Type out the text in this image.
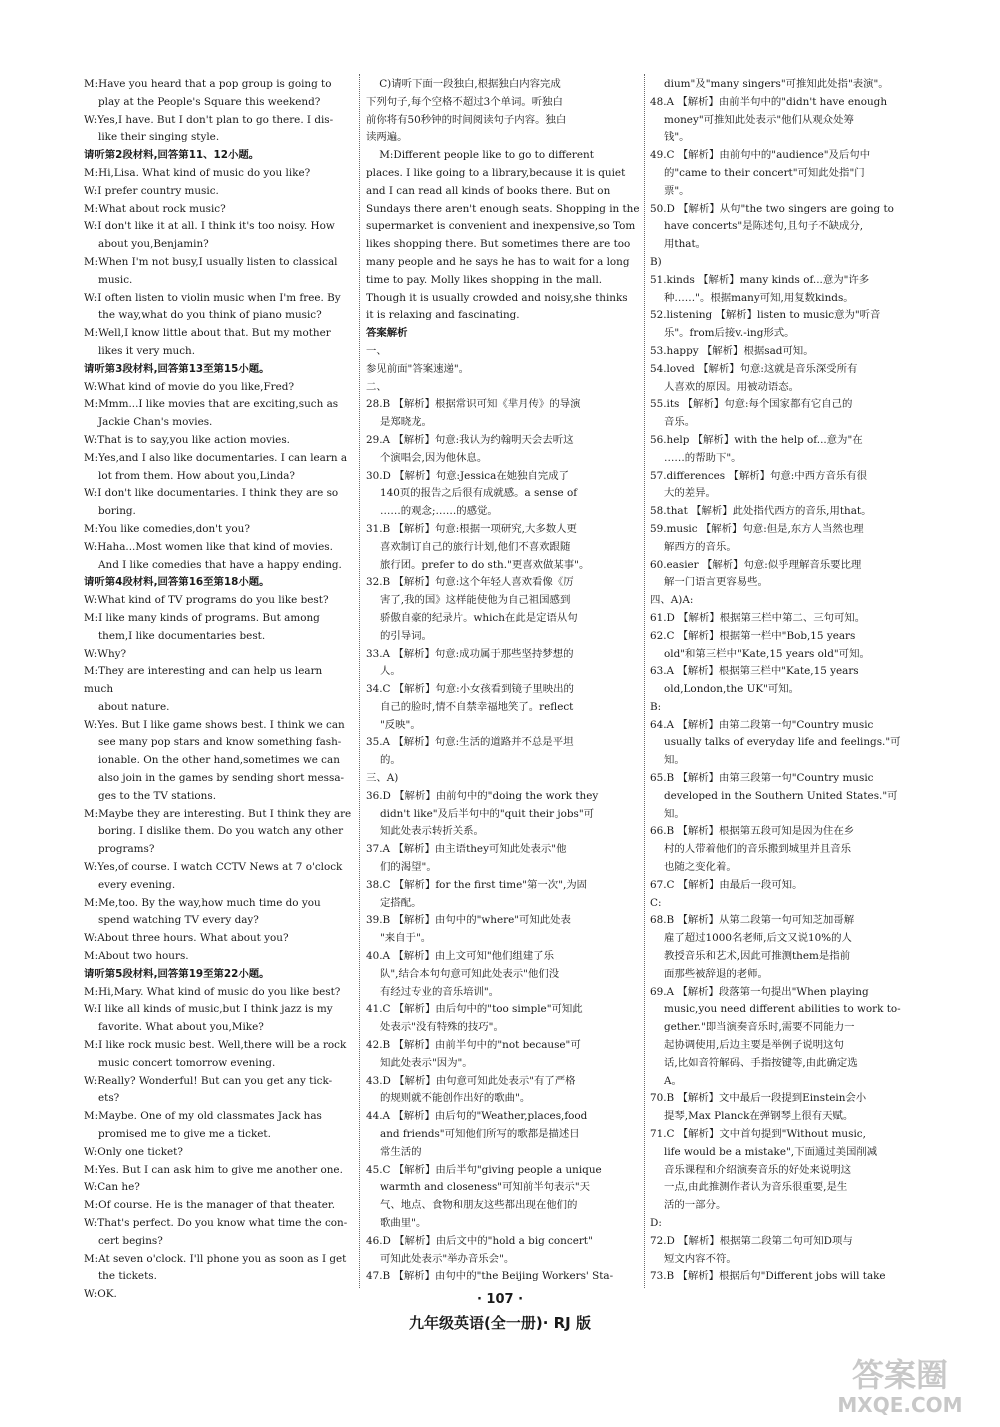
M:Have you heard that a pop group is going to
play at the People's Square this weekend?
W:Yes,I have. But I don't plan to go there. I dis-
like their singing style.
请听第2段材料,回答第11、12小题。
M:Hi,Lisa. What kind of music do you like?
W:I prefer country music.
M:What about rock music?
W:I don't like it at all. I think it's too noisy. How
about you,Benjamin?
M:When I'm not busy,I usually listen to classical
music.
W:I often listen to violin music when I'm free. By
the way,what do you think of piano music?
M:Well,I know little about that. But my mother
likes it very much.
请听第3段材料,回答第13至第15小题。
W:What kind of movie do you like,Fred?
M:Mmm...I like movies that are exciting,such as
Jackie Chan's movies.
W:That is to say,you like action movies.
M:Yes,and I also like documentaries. I can learn a
lot from them. How about you,Linda?
W:I don't like documentaries. I think they are so
boring.
M:You like comedies,don't you?
W:Haha...Most women like that kind of movies.
And I like comedies that have a happy ending.
请听第4段材料,回答第16至第18小题。
W:What kind of TV programs do you like best?
M:I like many kinds of programs. But among
them,I like documentaries best.
W:Why?
M:They are interesting and can help us learn much
about nature.
W:Yes. But I like game shows best. I think we can
see many pop stars and know something fash-
ionable. On the other hand,sometimes we can
also join in the games by sending short messa-
ges to the TV stations.
M:Maybe they are interesting. But I think they are
boring. I dislike them. Do you watch any other
programs?
W:Yes,of course. I watch CCTV News at 7 o'clock
every evening.
M:Me,too. By the way,how much time do you
spend watching TV every day?
W:About three hours. What about you?
M:About two hours.
请听第5段材料,回答第19至第22小题。
M:Hi,Mary. What kind of music do you like best?
W:I like all kinds of music,but I think jazz is my
favorite. What about you,Mike?
M:I like rock music best. Well,there will be a rock
music concert tomorrow evening.
W:Really? Wonderful! But can you get any tick-
ets?
M:Maybe. One of my old classmates Jack has
promised me to give me a ticket.
W:Only one ticket?
M:Yes. But I can ask him to give me another one.
W:Can he?
M:Of course. He is the manager of that theater.
W:That's perfect. Do you know what time the con-
cert begins?
M:At seven o'clock. I'll phone you as soon as I get
the tickets.
W:OK.
C)请听下面一段独白,根据独白内容完成
下列句子,每个空格不超过3个单词。听独白
前你将有50秒钟的时间阅读句子内容。独白
读两遍。
M:Different people like to go to different
places. I like going to a library,because it is quiet
and I can read all kinds of books there. But on
Sundays there aren't enough seats. Shopping in the
supermarket is convenient and inexpensive,so Tom
likes shopping there. But sometimes there are too
many people and he says he has to wait for a long
time to pay. Molly likes shopping in the mall.
Though it is usually crowded and noisy,she thinks
it is relaxing and fascinating.
答案解析
一、
参见前面"答案速递"。
二、
28.B 【解析】根据常识可知《芈月传》的导演
是郑晓龙。
29.A 【解析】句意:我认为约翰明天会去听这
个演唱会,因为他休息。
30.D 【解析】句意:Jessica在她独自完成了
140页的报告之后很有成就感。a sense of
……的观念;……的感觉。
31.B 【解析】句意:根据一项研究,大多数人更
喜欢制订自己的旅行计划,他们不喜欢跟随
旅行团。prefer to do sth."更喜欢做某事"。
32.B 【解析】句意:这个年轻人喜欢看像《厉
害了,我的国》这样能使他为自己祖国感到
骄傲自豪的纪录片。which在此是定语从句
的引导词。
33.A 【解析】句意:成功属于那些坚持梦想的
人。
34.C 【解析】句意:小女孩看到镜子里映出的
自己的脸时,情不自禁幸福地笑了。reflect
"反映"。
35.A 【解析】句意:生活的道路并不总是平坦
的。
三、A)
36.D 【解析】由前句中的"doing the work they
didn't like"及后半句中的"quit their jobs"可
知此处表示转折关系。
37.A 【解析】由主语they可知此处表示"他
们的渴望"。
38.C 【解析】for the first time"第一次",为固
定搭配。
39.B 【解析】由句中的"where"可知此处表
"来自于"。
40.A 【解析】由上文可知"他们组建了乐
队",结合本句句意可知此处表示"他们没
有经过专业的音乐培训"。
41.C 【解析】由后句中的"too simple"可知此
处表示"没有特殊的技巧"。
42.B 【解析】由前半句中的"not because"可
知此处表示"因为"。
43.D 【解析】由句意可知此处表示"有了严格
的规则就不能创作出好的歌曲"。
44.A 【解析】由后句的"Weather,places,food
and friends"可知他们所写的歌都是描述日
常生活的
45.C 【解析】由后半句"giving people a unique
warmth and closeness"可知前半句表示"天
气、地点、食物和朋友这些都出现在他们的
歌曲里"。
46.D 【解析】由后文中的"hold a big concert"
可知此处表示"举办音乐会"。
47.B 【解析】由句中的"the Beijing Workers' Sta-
dium"及"many singers"可推知此处指"表演"。
48.A 【解析】由前半句中的"didn't have enough
money"可推知此处表示"他们从观众处筹
钱"。
49.C 【解析】由前句中的"audience"及后句中
的"came to their concert"可知此处指"门
票"。
50.D 【解析】从句"the two singers are going to
have concerts"是陈述句,且句子不缺成分,
用that。
B)
51.kinds 【解析】many kinds of...意为"许多
种……"。根据many可知,用复数kinds。
52.listening 【解析】listen to music意为"听音
乐"。from后接v.-ing形式。
53.happy 【解析】根据sad可知。
54.loved 【解析】句意:这就是音乐深受所有
人喜欢的原因。用被动语态。
55.its 【解析】句意:每个国家都有它自己的
音乐。
56.help 【解析】with the help of...意为"在
……的帮助下"。
57.differences 【解析】句意:中西方音乐有很
大的差异。
58.that 【解析】此处指代西方的音乐,用that。
59.music 【解析】句意:但是,东方人当然也理
解西方的音乐。
60.easier 【解析】句意:似乎理解音乐要比理
解一门语言更容易些。
四、A)A:
61.D 【解析】根据第三栏中第二、三句可知。
62.C 【解析】根据第一栏中"Bob,15 years
old"和第三栏中"Kate,15 years old"可知。
63.A 【解析】根据第三栏中"Kate,15 years
old,London,the UK"可知。
B:
64.A 【解析】由第二段第一句"Country music
usually talks of everyday life and feelings."可
知。
65.B 【解析】由第三段第一句"Country music
developed in the Southern United States."可
知。
66.B 【解析】根据第五段可知是因为住在乡
村的人带着他们的音乐搬到城里并且音乐
也随之变化着。
67.C 【解析】由最后一段可知。
C:
68.B 【解析】从第二段第一句可知芝加哥解
雇了超过1000名老师,后文又说10%的人
教授音乐和艺术,因此可推测them是指前
面那些被辞退的老师。
69.A 【解析】段落第一句提出"When playing
music,you need different abilities to work to-
gether."即当演奏音乐时,需要不同能力一
起协调使用,后边主要是举例子说明这句
话,比如音符解码、手指按键等,由此确定选
A。
70.B 【解析】文中最后一段提到Einstein会小
提琴,Max Planck在弹钢琴上很有天赋。
71.C 【解析】文中首句提到"Without music,
life would be a mistake",下面通过美国削减
音乐课程和介绍演奏音乐的好处来说明这
一点,由此推测作者认为音乐很重要,是生
活的一部分。
D:
72.D 【解析】根据第二段第二句可知D项与
短文内容不符。
73.B 【解析】根据后句"Different jobs will take
· 107 ·
九年级英语(全一册)· RJ 版
答案圈
MXQE.COM
